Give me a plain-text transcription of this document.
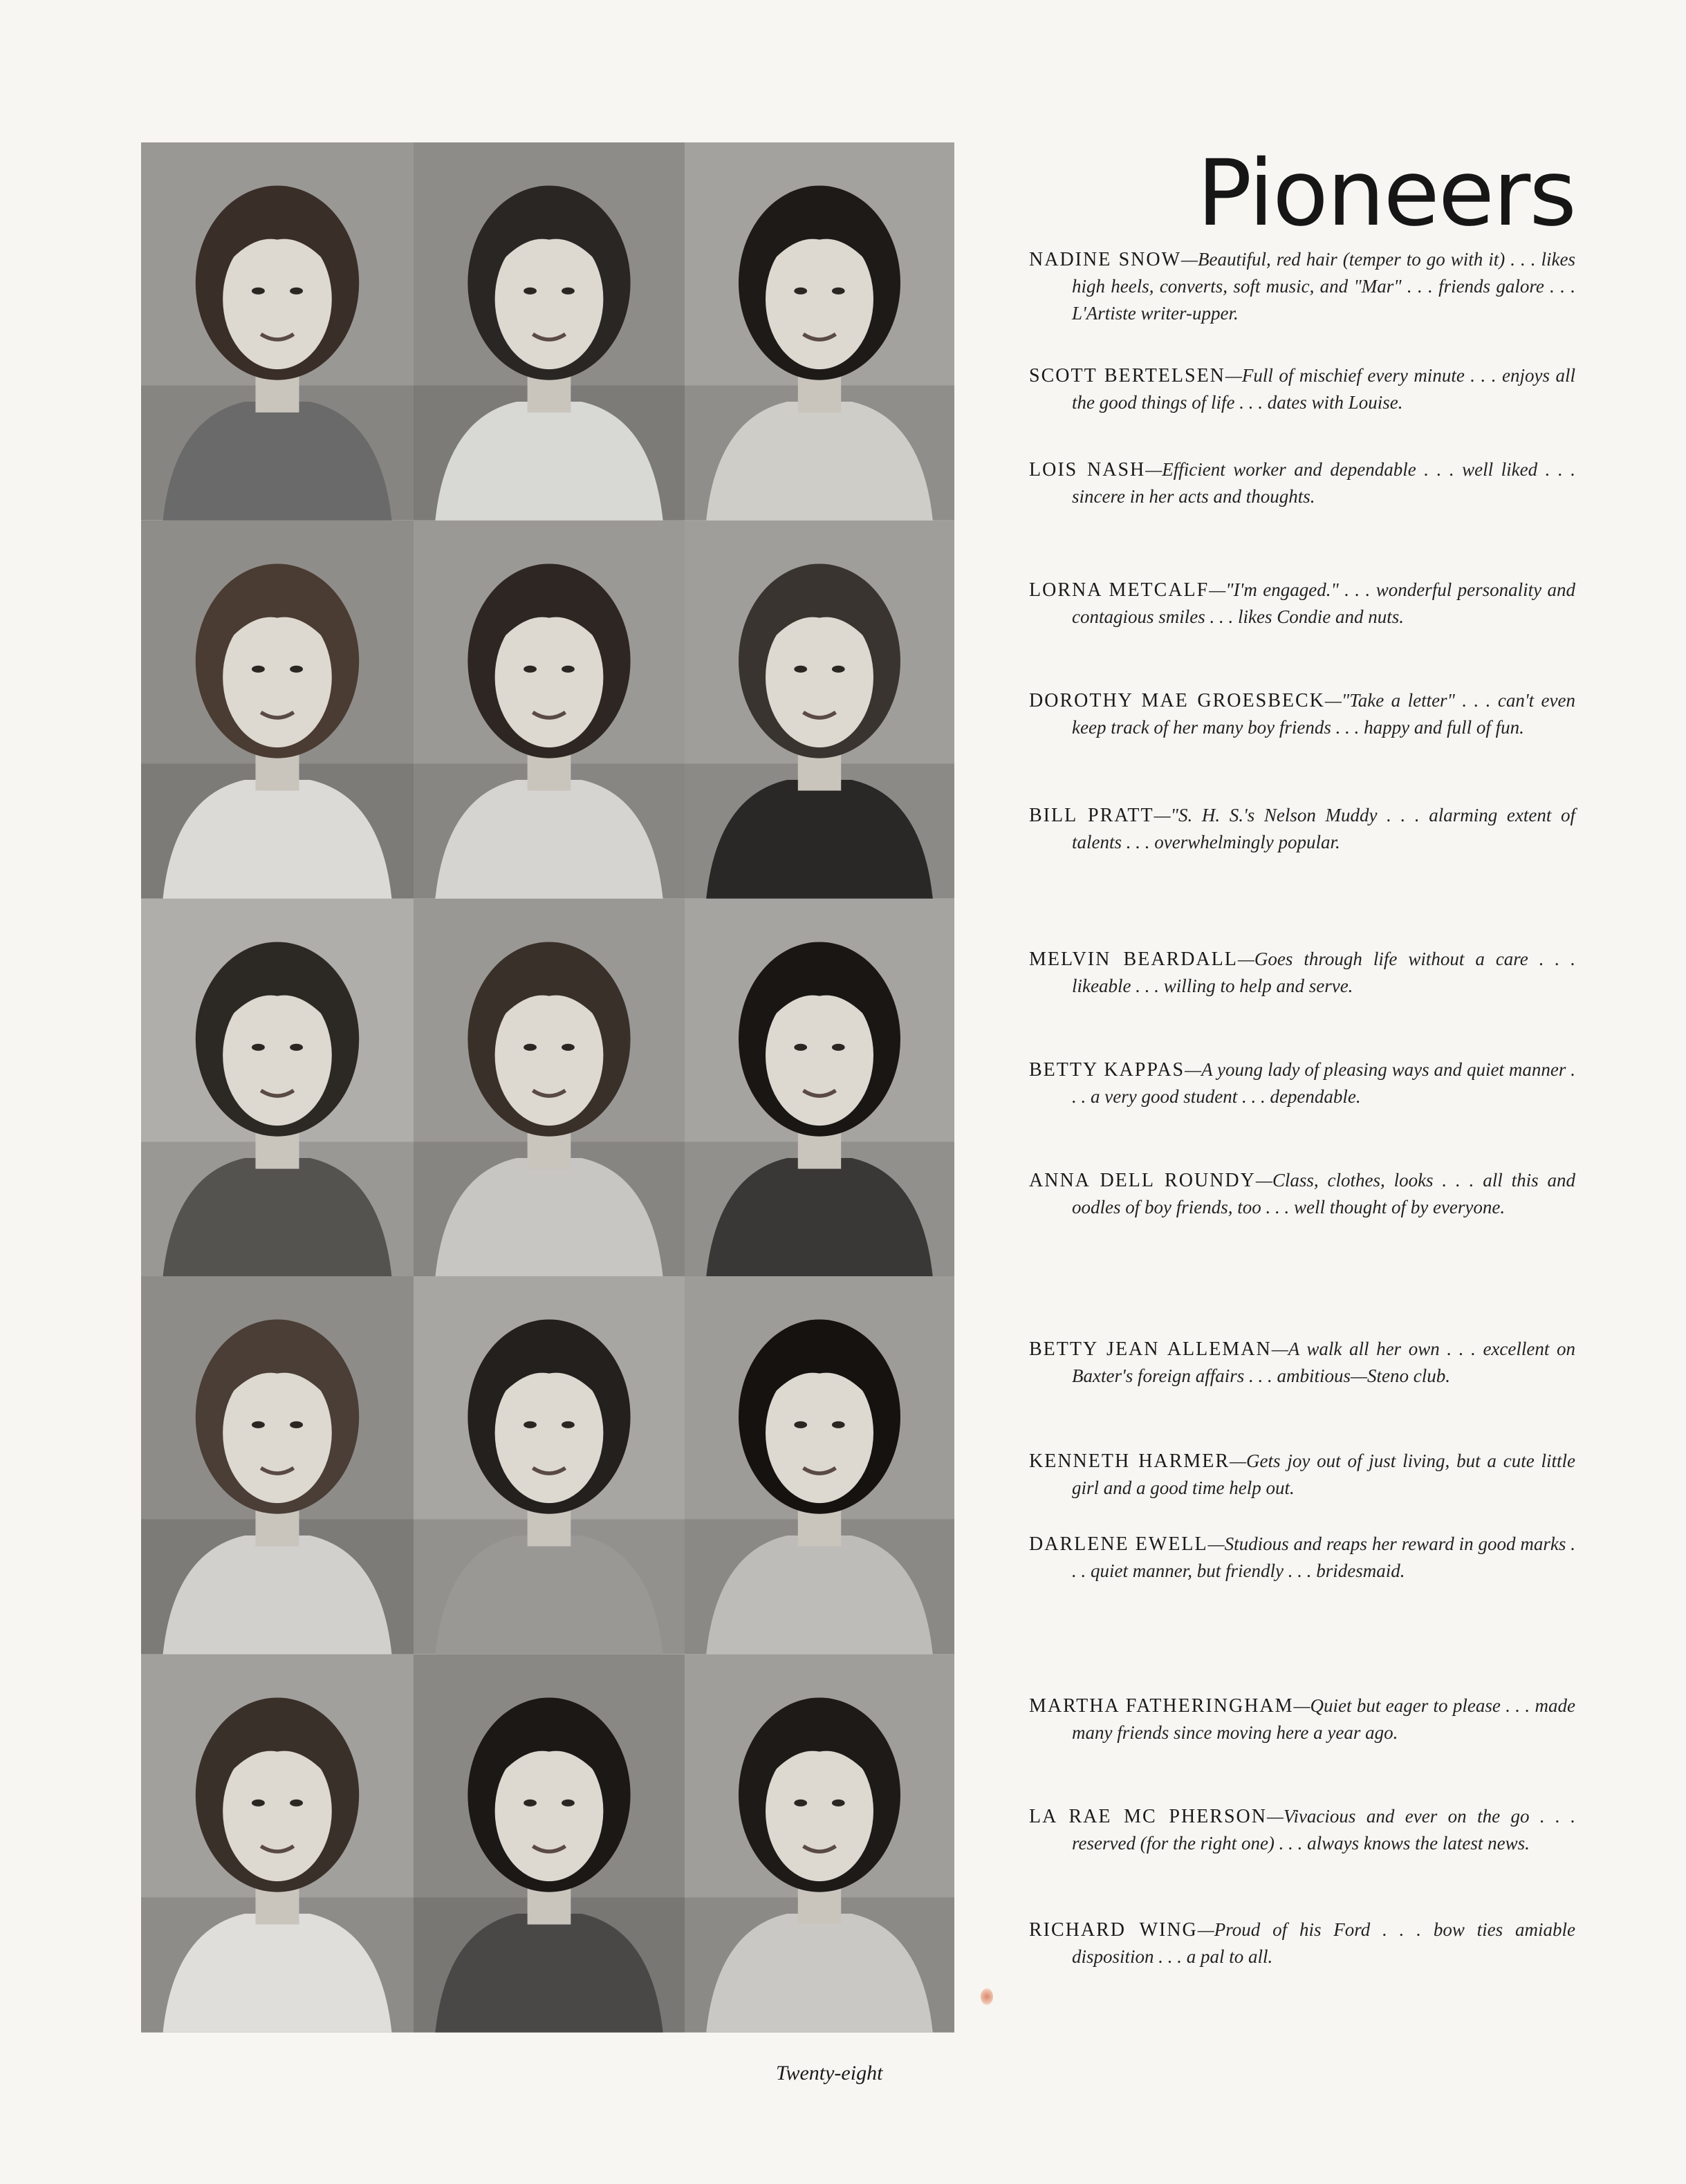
Pioneers

NADINE SNOW—Beautiful, red hair (temper to go with it) . . . likes high heels, converts, soft music, and "Mar" . . . friends galore . . . L'Artiste writer-upper.

SCOTT BERTELSEN—Full of mischief every minute . . . enjoys all the good things of life . . . dates with Louise.

LOIS NASH—Efficient worker and dependable . . . well liked . . . sincere in her acts and thoughts.

LORNA METCALF—"I'm engaged." . . . wonderful personality and contagious smiles . . . likes Condie and nuts.

DOROTHY MAE GROESBECK—"Take a letter" . . . can't even keep track of her many boy friends . . . happy and full of fun.

BILL PRATT—"S. H. S.'s Nelson Muddy . . . alarming extent of talents . . . overwhelmingly popular.

MELVIN BEARDALL—Goes through life without a care . . . likeable . . . willing to help and serve.

BETTY KAPPAS—A young lady of pleasing ways and quiet manner . . . a very good student . . . dependable.

ANNA DELL ROUNDY—Class, clothes, looks . . . all this and oodles of boy friends, too . . . well thought of by everyone.

BETTY JEAN ALLEMAN—A walk all her own . . . excellent on Baxter's foreign affairs . . . ambitious—Steno club.

KENNETH HARMER—Gets joy out of just living, but a cute little girl and a good time help out.

DARLENE EWELL—Studious and reaps her reward in good marks . . . quiet manner, but friendly . . . bridesmaid.

MARTHA FATHERINGHAM—Quiet but eager to please . . . made many friends since moving here a year ago.

LA RAE MC PHERSON—Vivacious and ever on the go . . . reserved (for the right one) . . . always knows the latest news.

RICHARD WING—Proud of his Ford . . . bow ties amiable disposition . . . a pal to all.

Twenty-eight
